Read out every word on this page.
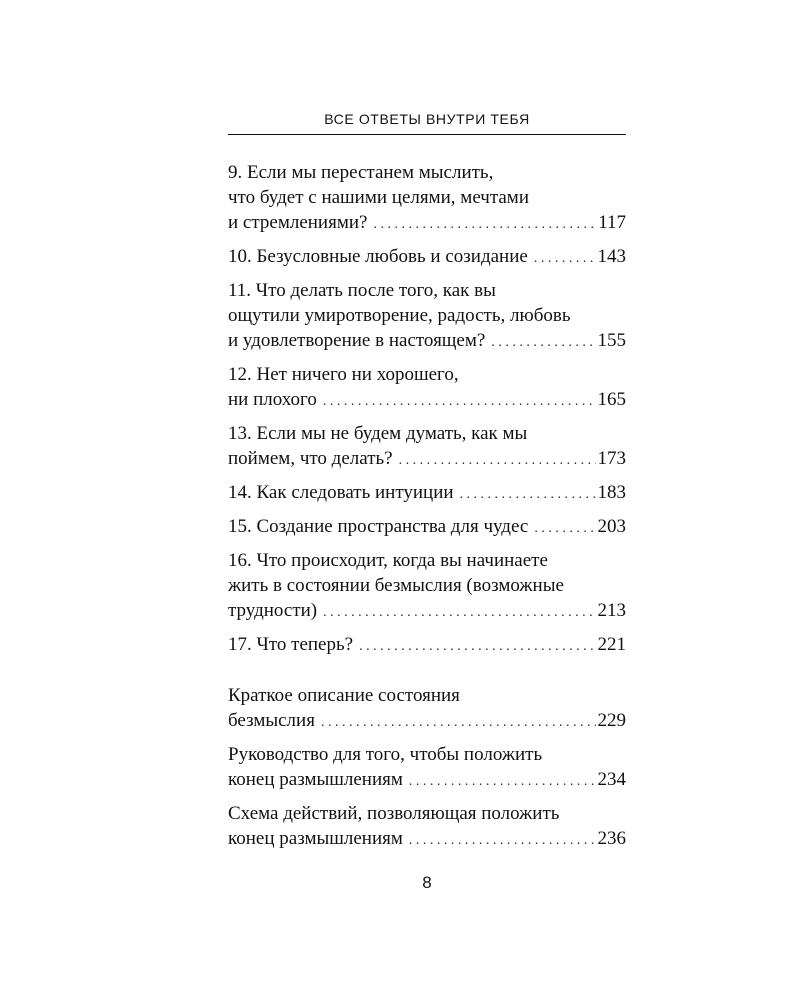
ВСЕ ОТВЕТЫ ВНУТРИ ТЕБЯ
9. Если мы перестанем мыслить,
что будет с нашими целями, мечтами
и стремлениями? . . .	117
10. Безусловные любовь и созидание . . .	143
11. Что делать после того, как вы
ощутили умиротворение, радость, любовь
и удовлетворение в настоящем? . . .	155
12. Нет ничего ни хорошего,
ни плохого . . .	165
13. Если мы не будем думать, как мы
поймем, что делать? . . .	173
14. Как следовать интуиции . . .	183
15. Создание пространства для чудес . . .	203
16. Что происходит, когда вы начинаете
жить в состоянии безмыслия (возможные
трудности) . . .	213
17. Что теперь? . . .	221
Краткое описание состояния
безмыслия . . .	229
Руководство для того, чтобы положить
конец размышлениям . . .	234
Схема действий, позволяющая положить
конец размышлениям . . .	236
8
